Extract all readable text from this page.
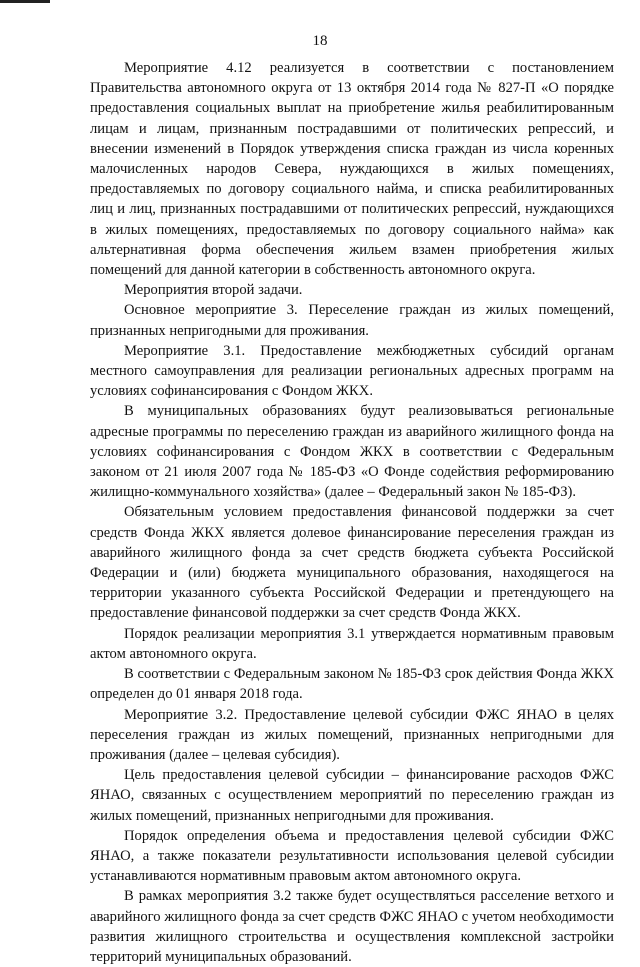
18

Мероприятие 4.12 реализуется в соответствии с постановлением Правительства автономного округа от 13 октября 2014 года № 827-П «О порядке предоставления социальных выплат на приобретение жилья реабилитированным лицам и лицам, признанным пострадавшими от политических репрессий, и внесении изменений в Порядок утверждения списка граждан из числа коренных малочисленных народов Севера, нуждающихся в жилых помещениях, предоставляемых по договору социального найма, и списка реабилитированных лиц и лиц, признанных пострадавшими от политических репрессий, нуждающихся в жилых помещениях, предоставляемых по договору социального найма» как альтернативная форма обеспечения жильем взамен приобретения жилых помещений для данной категории в собственность автономного округа.

Мероприятия второй задачи.

Основное мероприятие 3. Переселение граждан из жилых помещений, признанных непригодными для проживания.

Мероприятие 3.1. Предоставление межбюджетных субсидий органам местного самоуправления для реализации региональных адресных программ на условиях софинансирования с Фондом ЖКХ.

В муниципальных образованиях будут реализовываться региональные адресные программы по переселению граждан из аварийного жилищного фонда на условиях софинансирования с Фондом ЖКХ в соответствии с Федеральным законом от 21 июля 2007 года № 185-ФЗ «О Фонде содействия реформированию жилищно-коммунального хозяйства» (далее – Федеральный закон № 185-ФЗ).

Обязательным условием предоставления финансовой поддержки за счет средств Фонда ЖКХ является долевое финансирование переселения граждан из аварийного жилищного фонда за счет средств бюджета субъекта Российской Федерации и (или) бюджета муниципального образования, находящегося на территории указанного субъекта Российской Федерации и претендующего на предоставление финансовой поддержки за счет средств Фонда ЖКХ.

Порядок реализации мероприятия 3.1 утверждается нормативным правовым актом автономного округа.

В соответствии с Федеральным законом № 185-ФЗ срок действия Фонда ЖКХ определен до 01 января 2018 года.

Мероприятие 3.2. Предоставление целевой субсидии ФЖС ЯНАО в целях переселения граждан из жилых помещений, признанных непригодными для проживания (далее – целевая субсидия).

Цель предоставления целевой субсидии – финансирование расходов ФЖС ЯНАО, связанных с осуществлением мероприятий по переселению граждан из жилых помещений, признанных непригодными для проживания.

Порядок определения объема и предоставления целевой субсидии ФЖС ЯНАО, а также показатели результативности использования целевой субсидии устанавливаются нормативным правовым актом автономного округа.

В рамках мероприятия 3.2 также будет осуществляться расселение ветхого и аварийного жилищного фонда за счет средств ФЖС ЯНАО с учетом необходимости развития жилищного строительства и осуществления комплексной застройки территорий муниципальных образований.
